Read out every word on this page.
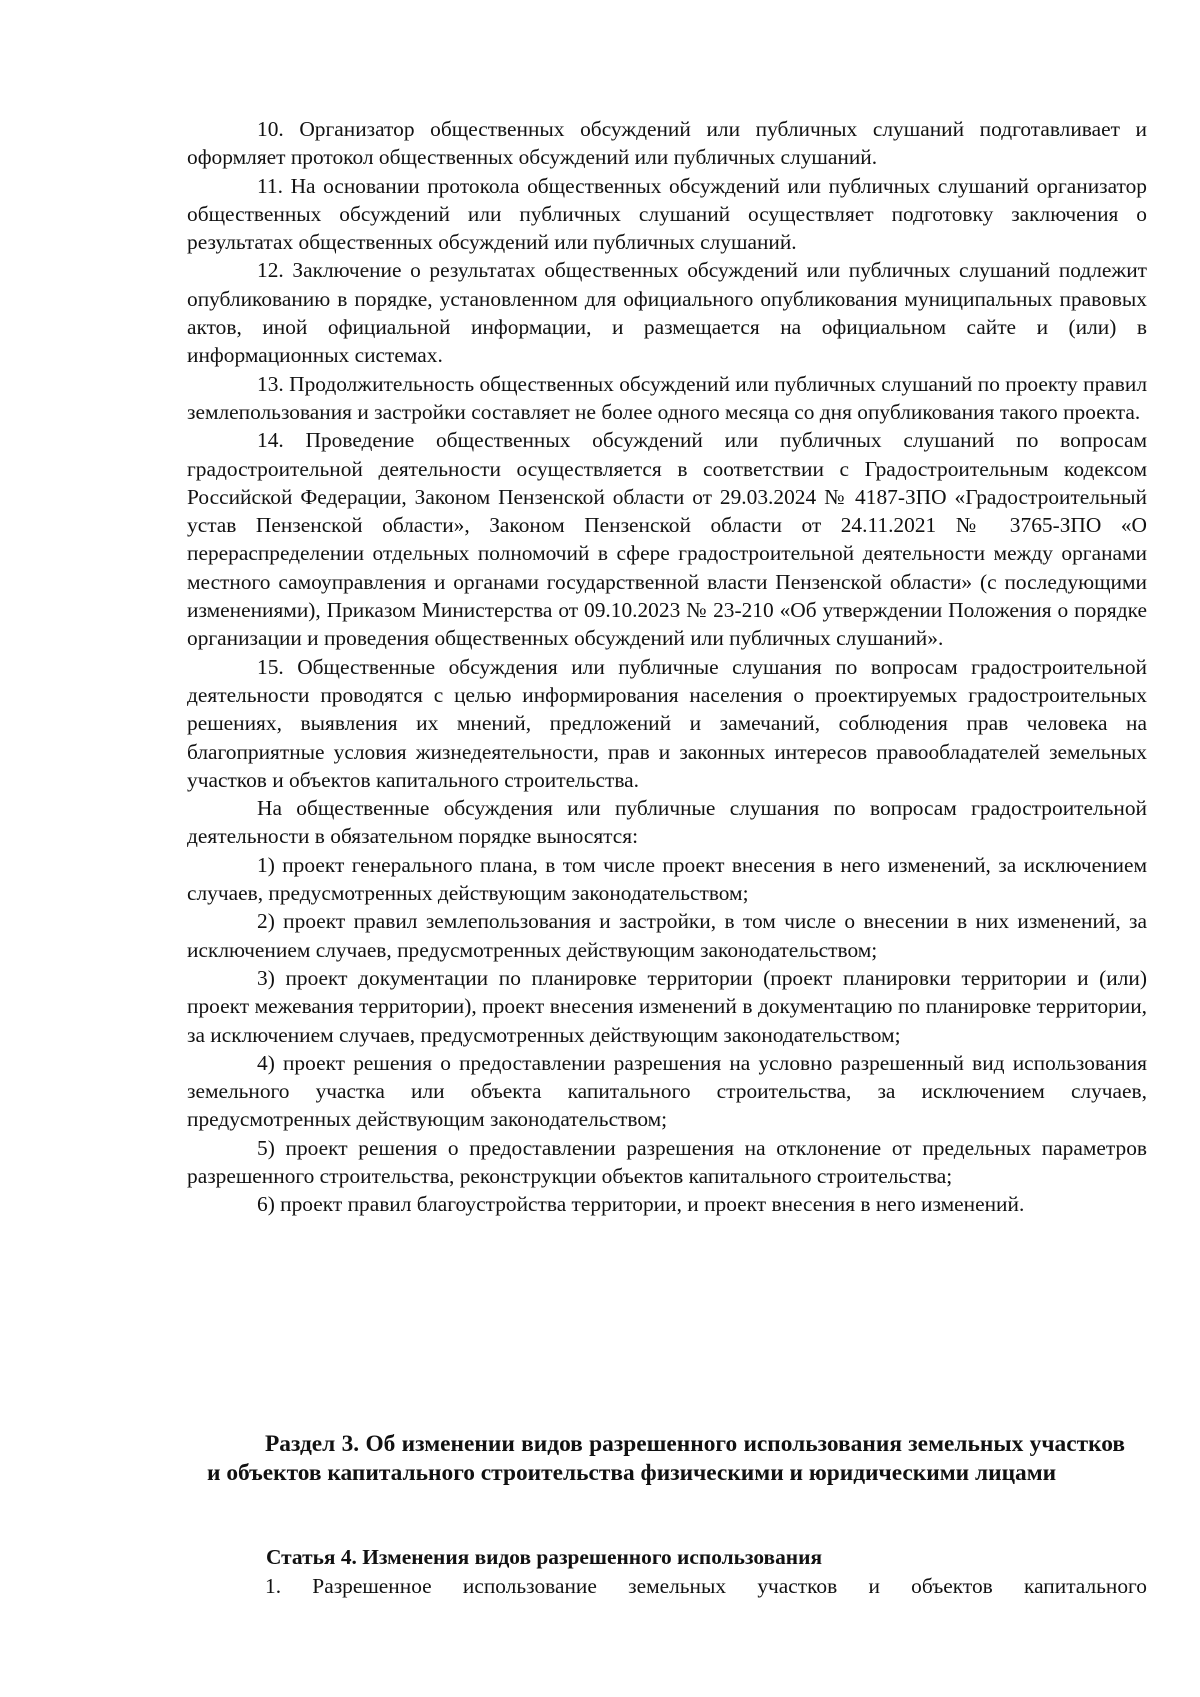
10. Организатор общественных обсуждений или публичных слушаний подготавливает и оформляет протокол общественных обсуждений или публичных слушаний.

11. На основании протокола общественных обсуждений или публичных слушаний организатор общественных обсуждений или публичных слушаний осуществляет подготовку заключения о результатах общественных обсуждений или публичных слушаний.

12. Заключение о результатах общественных обсуждений или публичных слушаний подлежит опубликованию в порядке, установленном для официального опубликования муниципальных правовых актов, иной официальной информации, и размещается на официальном сайте и (или) в информационных системах.

13. Продолжительность общественных обсуждений или публичных слушаний по проекту правил землепользования и застройки составляет не более одного месяца со дня опубликования такого проекта.

14. Проведение общественных обсуждений или публичных слушаний по вопросам градостроительной деятельности осуществляется в соответствии с Градостроительным кодексом Российской Федерации, Законом Пензенской области от 29.03.2024 № 4187-ЗПО «Градостроительный устав Пензенской области», Законом Пензенской области от 24.11.2021 № 3765-ЗПО «О перераспределении отдельных полномочий в сфере градостроительной деятельности между органами местного самоуправления и органами государственной власти Пензенской области» (с последующими изменениями), Приказом Министерства от 09.10.2023 № 23-210 «Об утверждении Положения о порядке организации и проведения общественных обсуждений или публичных слушаний».

15. Общественные обсуждения или публичные слушания по вопросам градостроительной деятельности проводятся с целью информирования населения о проектируемых градостроительных решениях, выявления их мнений, предложений и замечаний, соблюдения прав человека на благоприятные условия жизнедеятельности, прав и законных интересов правообладателей земельных участков и объектов капитального строительства.

На общественные обсуждения или публичные слушания по вопросам градостроительной деятельности в обязательном порядке выносятся:

1) проект генерального плана, в том числе проект внесения в него изменений, за исключением случаев, предусмотренных действующим законодательством;

2) проект правил землепользования и застройки, в том числе о внесении в них изменений, за исключением случаев, предусмотренных действующим законодательством;

3) проект документации по планировке территории (проект планировки территории и (или) проект межевания территории), проект внесения изменений в документацию по планировке территории, за исключением случаев, предусмотренных действующим законодательством;

4) проект решения о предоставлении разрешения на условно разрешенный вид использования земельного участка или объекта капитального строительства, за исключением случаев, предусмотренных действующим законодательством;

5) проект решения о предоставлении разрешения на отклонение от предельных параметров разрешенного строительства, реконструкции объектов капитального строительства;

6) проект правил благоустройства территории, и проект внесения в него изменений.

Раздел 3. Об изменении видов разрешенного использования земельных участков и объектов капитального строительства физическими и юридическими лицами

Статья 4. Изменения видов разрешенного использования

1. Разрешенное использование земельных участков и объектов капитального
